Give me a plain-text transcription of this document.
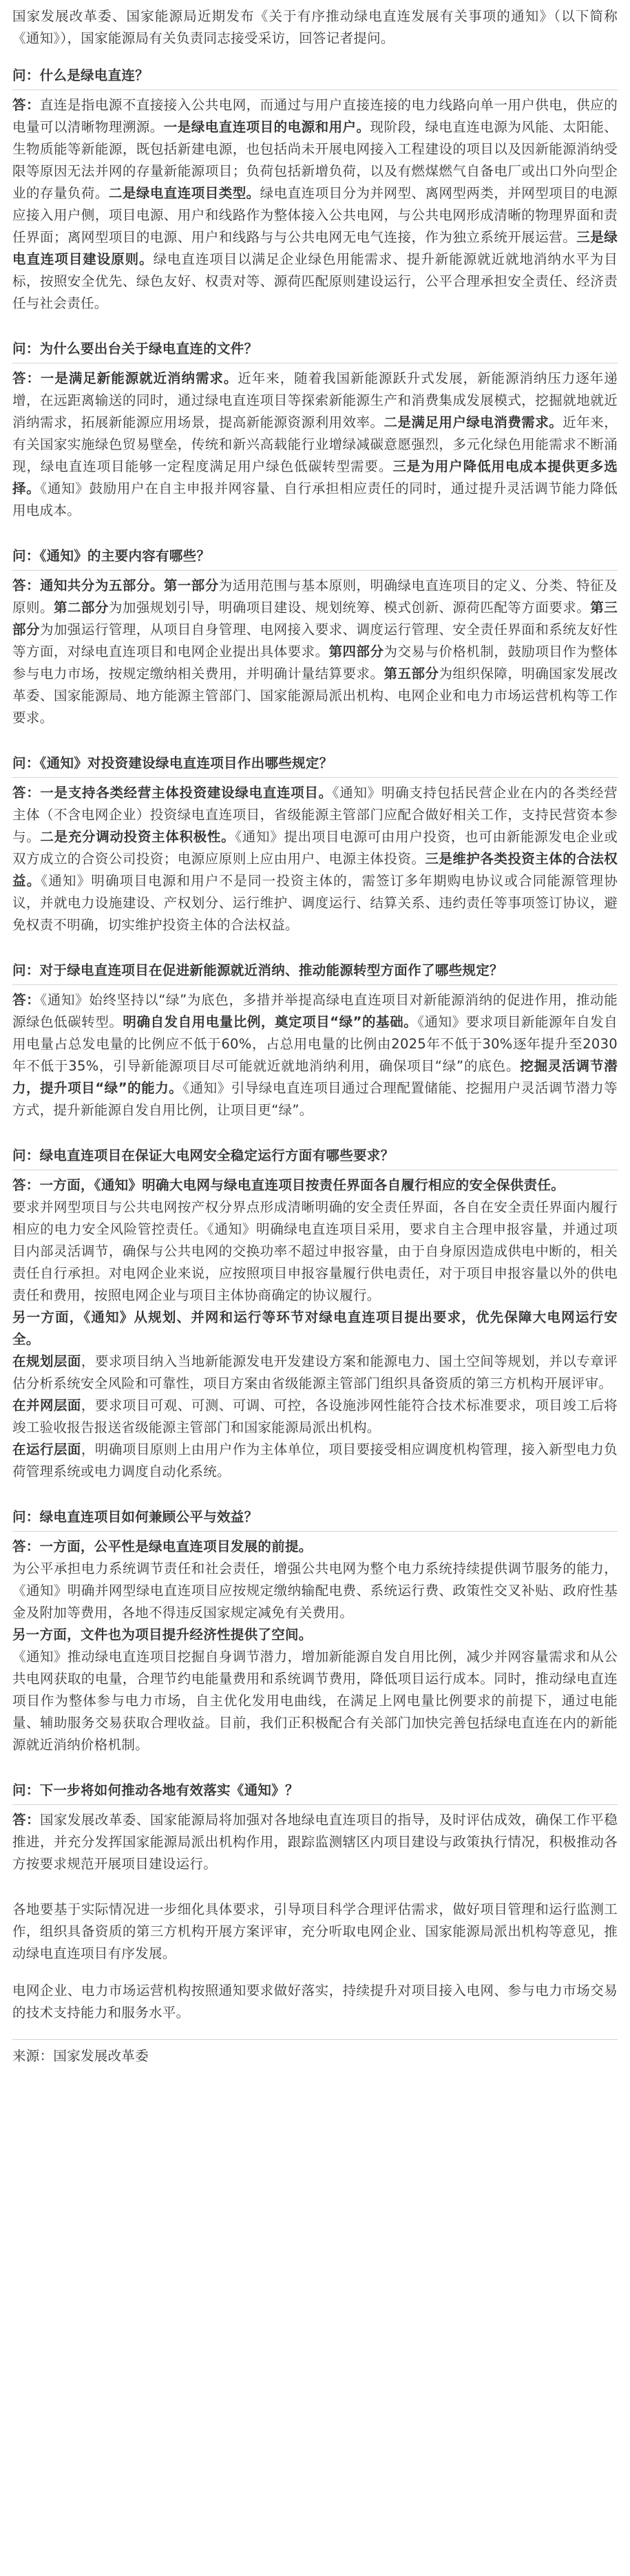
国家发展改革委、国家能源局近期发布《关于有序推动绿电直连发展有关事项的通知》（以下简称《通知》），国家能源局有关负责同志接受采访，回答记者提问。

问：什么是绿电直连？

答：直连是指电源不直接接入公共电网，而通过与用户直接连接的电力线路向单一用户供电，供应的电量可以清晰物理溯源。一是绿电直连项目的电源和用户。现阶段，绿电直连电源为风能、太阳能、生物质能等新能源，既包括新建电源，也包括尚未开展电网接入工程建设的项目以及因新能源消纳受限等原因无法并网的存量新能源项目；负荷包括新增负荷，以及有燃煤燃气自备电厂或出口外向型企业的存量负荷。二是绿电直连项目类型。绿电直连项目分为并网型、离网型两类，并网型项目的电源应接入用户侧，项目电源、用户和线路作为整体接入公共电网，与公共电网形成清晰的物理界面和责任界面；离网型项目的电源、用户和线路与与公共电网无电气连接，作为独立系统开展运营。三是绿电直连项目建设原则。绿电直连项目以满足企业绿色用能需求、提升新能源就近就地消纳水平为目标，按照安全优先、绿色友好、权责对等、源荷匹配原则建设运行，公平合理承担安全责任、经济责任与社会责任。

问：为什么要出台关于绿电直连的文件？

答：一是满足新能源就近消纳需求。近年来，随着我国新能源跃升式发展，新能源消纳压力逐年递增，在远距离输送的同时，通过绿电直连项目等探索新能源生产和消费集成发展模式，挖掘就地就近消纳需求，拓展新能源应用场景，提高新能源资源利用效率。二是满足用户绿电消费需求。近年来，有关国家实施绿色贸易壁垒，传统和新兴高载能行业增绿减碳意愿强烈，多元化绿色用能需求不断涌现，绿电直连项目能够一定程度满足用户绿色低碳转型需要。三是为用户降低用电成本提供更多选择。《通知》鼓励用户在自主申报并网容量、自行承担相应责任的同时，通过提升灵活调节能力降低用电成本。

问：《通知》的主要内容有哪些？

答：通知共分为五部分。第一部分为适用范围与基本原则，明确绿电直连项目的定义、分类、特征及原则。第二部分为加强规划引导，明确项目建设、规划统筹、模式创新、源荷匹配等方面要求。第三部分为加强运行管理，从项目自身管理、电网接入要求、调度运行管理、安全责任界面和系统友好性等方面，对绿电直连项目和电网企业提出具体要求。第四部分为交易与价格机制，鼓励项目作为整体参与电力市场，按规定缴纳相关费用，并明确计量结算要求。第五部分为组织保障，明确国家发展改革委、国家能源局、地方能源主管部门、国家能源局派出机构、电网企业和电力市场运营机构等工作要求。

问：《通知》对投资建设绿电直连项目作出哪些规定？

答：一是支持各类经营主体投资建设绿电直连项目。《通知》明确支持包括民营企业在内的各类经营主体（不含电网企业）投资绿电直连项目，省级能源主管部门应配合做好相关工作，支持民营资本参与。二是充分调动投资主体积极性。《通知》提出项目电源可由用户投资，也可由新能源发电企业或双方成立的合资公司投资；电源应原则上应由用户、电源主体投资。三是维护各类投资主体的合法权益。《通知》明确项目电源和用户不是同一投资主体的，需签订多年期购电协议或合同能源管理协议，并就电力设施建设、产权划分、运行维护、调度运行、结算关系、违约责任等事项签订协议，避免权责不明确，切实维护投资主体的合法权益。

问：对于绿电直连项目在促进新能源就近消纳、推动能源转型方面作了哪些规定？

答：《通知》始终坚持以“绿”为底色，多措并举提高绿电直连项目对新能源消纳的促进作用，推动能源绿色低碳转型。明确自发自用电量比例，奠定项目“绿”的基础。《通知》要求项目新能源年自发自用电量占总发电量的比例应不低于60%，占总用电量的比例由2025年不低于30%逐年提升至2030年不低于35%，引导新能源项目尽可能就近就地消纳利用，确保项目“绿”的底色。挖掘灵活调节潜力，提升项目“绿”的能力。《通知》引导绿电直连项目通过合理配置储能、挖掘用户灵活调节潜力等方式，提升新能源自发自用比例，让项目更“绿”。

问：绿电直连项目在保证大电网安全稳定运行方面有哪些要求？

答：一方面，《通知》明确大电网与绿电直连项目按责任界面各自履行相应的安全保供责任。

要求并网型项目与公共电网按产权分界点形成清晰明确的安全责任界面，各自在安全责任界面内履行相应的电力安全风险管控责任。《通知》明确绿电直连项目采用，要求自主合理申报容量，并通过项目内部灵活调节，确保与公共电网的交换功率不超过申报容量，由于自身原因造成供电中断的，相关责任自行承担。对电网企业来说，应按照项目申报容量履行供电责任，对于项目申报容量以外的供电责任和费用，按照电网企业与项目主体协商确定的协议履行。

另一方面，《通知》从规划、并网和运行等环节对绿电直连项目提出要求，优先保障大电网运行安全。

在规划层面，要求项目纳入当地新能源发电开发建设方案和能源电力、国土空间等规划，并以专章评估分析系统安全风险和可靠性，项目方案由省级能源主管部门组织具备资质的第三方机构开展评审。

在并网层面，要求项目可观、可测、可调、可控，各设施涉网性能符合技术标准要求，项目竣工后将竣工验收报告报送省级能源主管部门和国家能源局派出机构。

在运行层面，明确项目原则上由用户作为主体单位，项目要接受相应调度机构管理，接入新型电力负荷管理系统或电力调度自动化系统。

问：绿电直连项目如何兼顾公平与效益？

答：一方面，公平性是绿电直连项目发展的前提。

为公平承担电力系统调节责任和社会责任，增强公共电网为整个电力系统持续提供调节服务的能力，《通知》明确并网型绿电直连项目应按规定缴纳输配电费、系统运行费、政策性交叉补贴、政府性基金及附加等费用，各地不得违反国家规定减免有关费用。

另一方面，文件也为项目提升经济性提供了空间。

《通知》推动绿电直连项目挖掘自身调节潜力，增加新能源自发自用比例，减少并网容量需求和从公共电网获取的电量，合理节约电能量费用和系统调节费用，降低项目运行成本。同时，推动绿电直连项目作为整体参与电力市场，自主优化发用电曲线，在满足上网电量比例要求的前提下，通过电能量、辅助服务交易获取合理收益。目前，我们正积极配合有关部门加快完善包括绿电直连在内的新能源就近消纳价格机制。

问：下一步将如何推动各地有效落实《通知》？

答：国家发展改革委、国家能源局将加强对各地绿电直连项目的指导，及时评估成效，确保工作平稳推进，并充分发挥国家能源局派出机构作用，跟踪监测辖区内项目建设与政策执行情况，积极推动各方按要求规范开展项目建设运行。

各地要基于实际情况进一步细化具体要求，引导项目科学合理评估需求，做好项目管理和运行监测工作，组织具备资质的第三方机构开展方案评审，充分听取电网企业、国家能源局派出机构等意见，推动绿电直连项目有序发展。

电网企业、电力市场运营机构按照通知要求做好落实，持续提升对项目接入电网、参与电力市场交易的技术支持能力和服务水平。

来源：国家发展改革委
